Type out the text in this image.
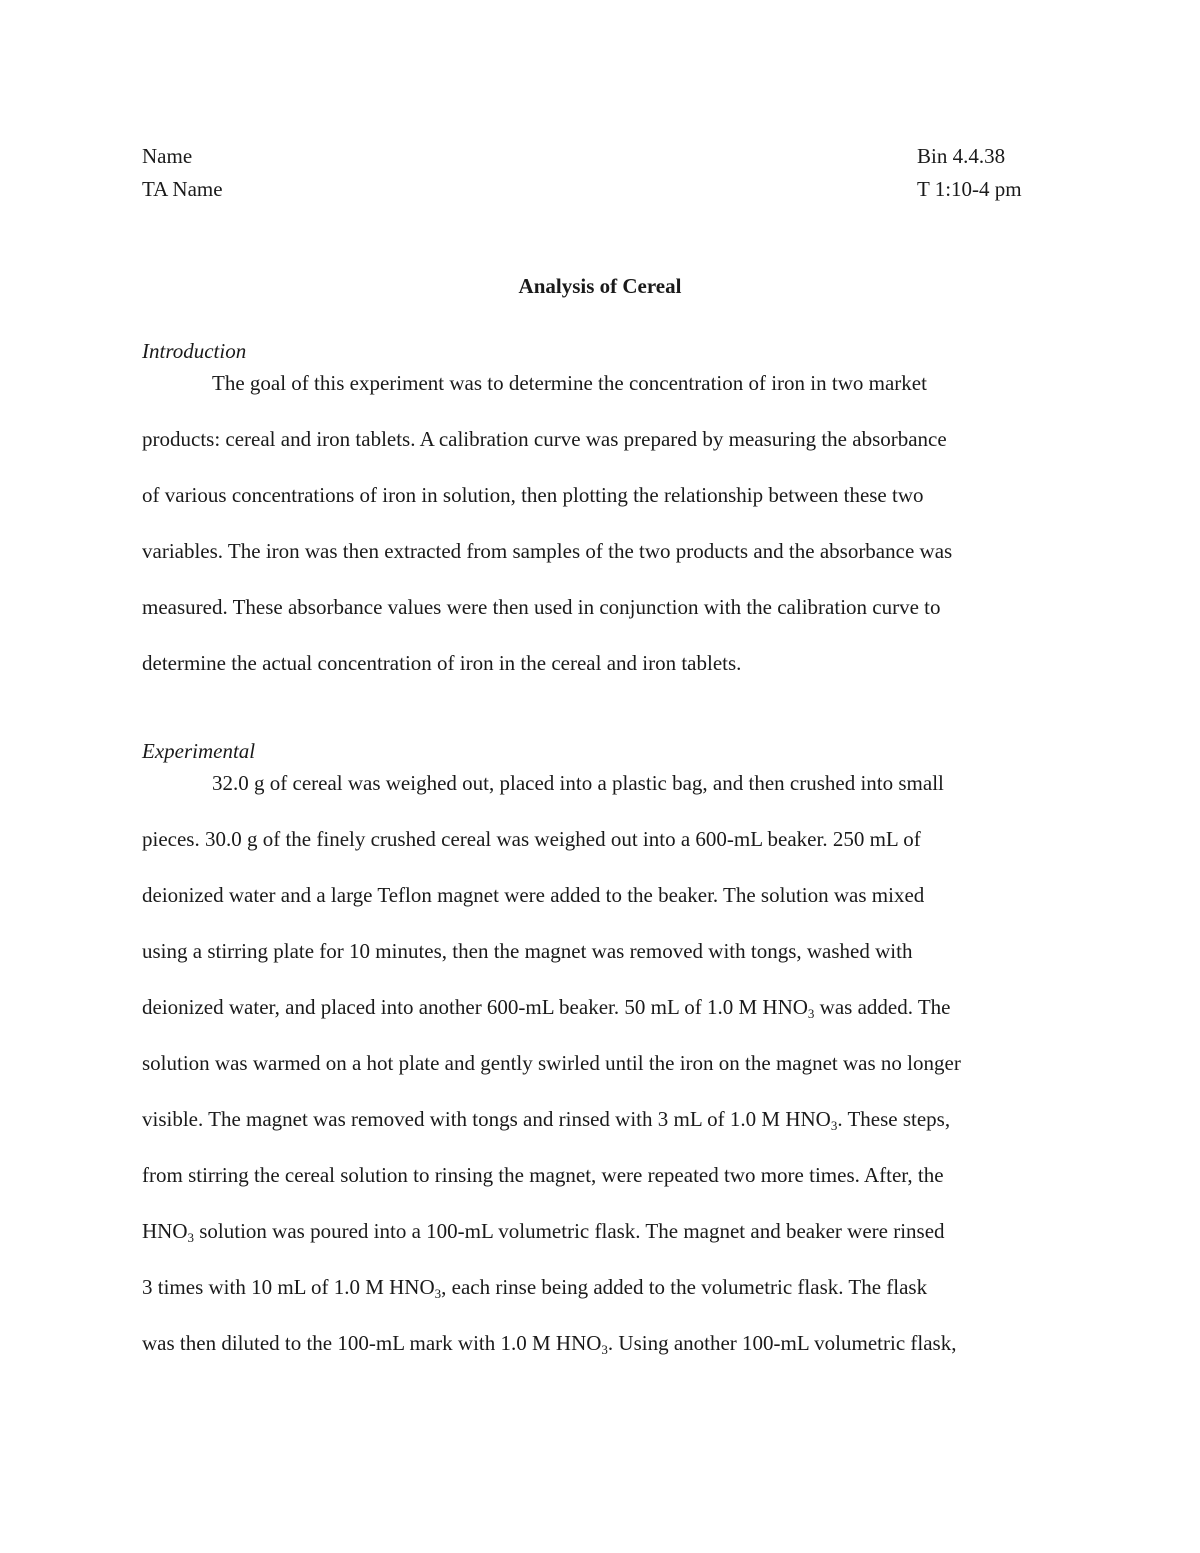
Name
TA Name
Bin 4.4.38
T 1:10-4 pm
Analysis of Cereal
Introduction
The goal of this experiment was to determine the concentration of iron in two market
products: cereal and iron tablets. A calibration curve was prepared by measuring the absorbance
of various concentrations of iron in solution, then plotting the relationship between these two
variables. The iron was then extracted from samples of the two products and the absorbance was
measured. These absorbance values were then used in conjunction with the calibration curve to
determine the actual concentration of iron in the cereal and iron tablets.
Experimental
32.0 g of cereal was weighed out, placed into a plastic bag, and then crushed into small
pieces. 30.0 g of the finely crushed cereal was weighed out into a 600-mL beaker. 250 mL of
deionized water and a large Teflon magnet were added to the beaker. The solution was mixed
using a stirring plate for 10 minutes, then the magnet was removed with tongs, washed with
deionized water, and placed into another 600-mL beaker. 50 mL of 1.0 M $HNO_3$ was added. The
solution was warmed on a hot plate and gently swirled until the iron on the magnet was no longer
visible. The magnet was removed with tongs and rinsed with 3 mL of 1.0 M $HNO_3$. These steps,
from stirring the cereal solution to rinsing the magnet, were repeated two more times. After, the
$HNO_3$ solution was poured into a 100-mL volumetric flask. The magnet and beaker were rinsed
3 times with 10 mL of 1.0 M $HNO_3$, each rinse being added to the volumetric flask. The flask
was then diluted to the 100-mL mark with 1.0 M $HNO_3$. Using another 100-mL volumetric flask,
